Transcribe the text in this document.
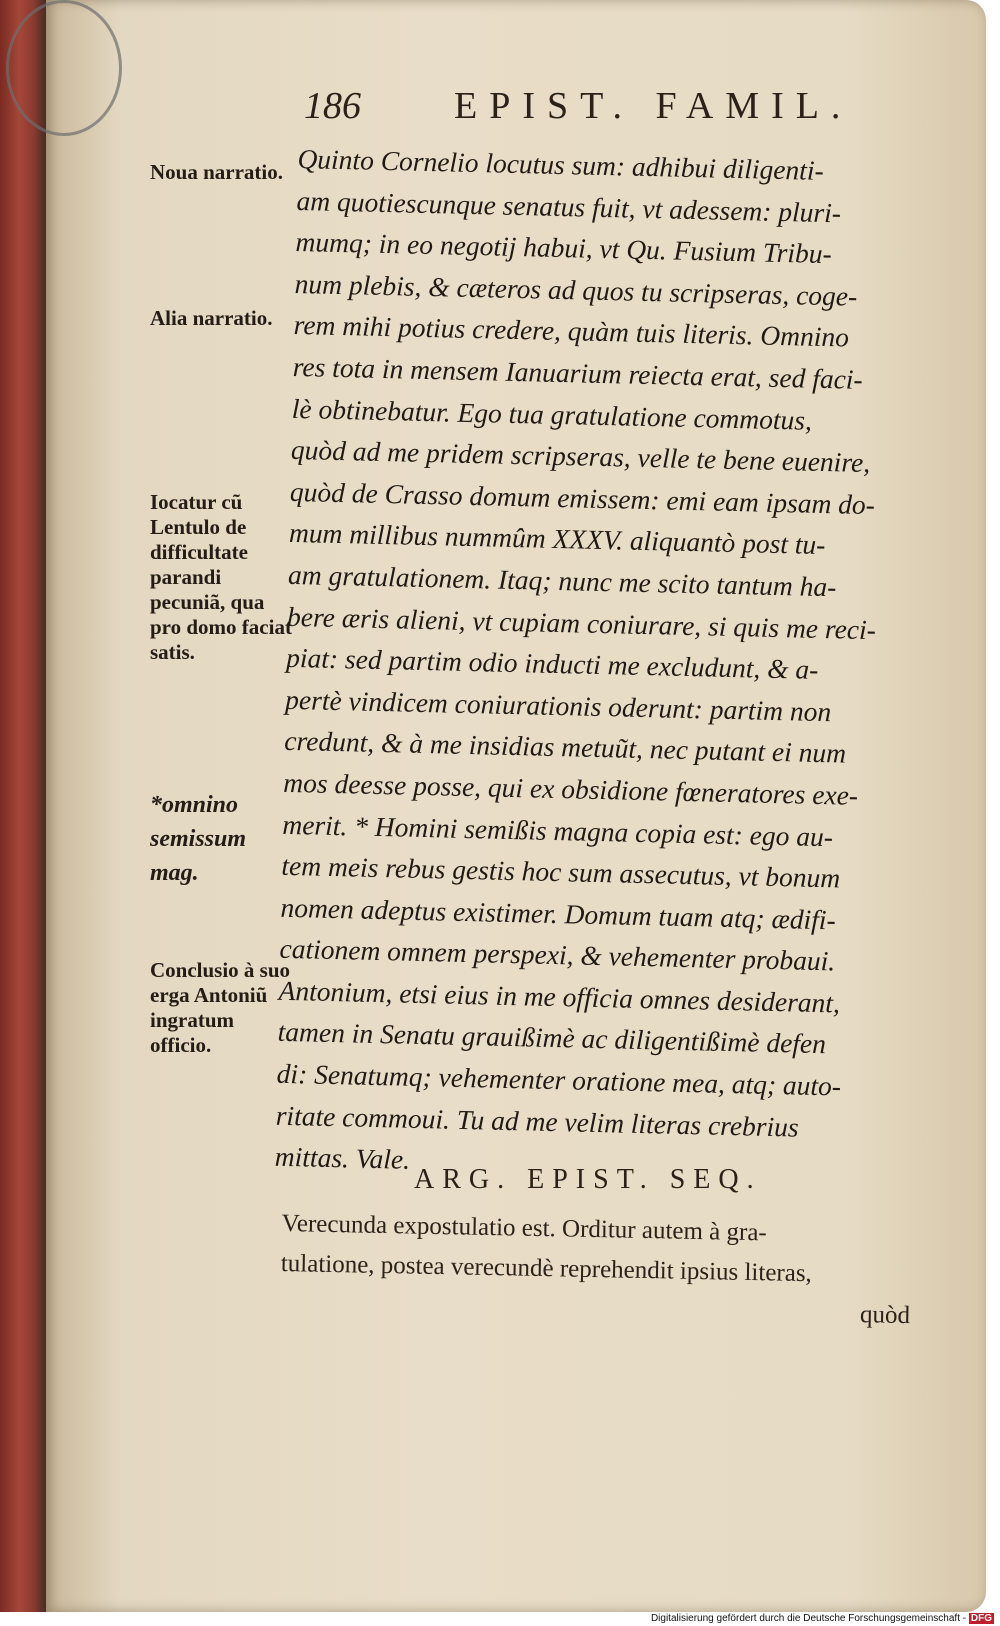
186 EPIST. FAMIL.
Noua narratio.
Alia narratio.
Iocatur cũ Lentulo de difficultate parandi pecuniã, qua pro domo faciat satis.
*omnino semissum mag.
Conclusio à suo erga Antoniũ ingratum officio.
Quinto Cornelio locutus sum: adhibui diligenti-
am quotiescunque senatus fuit, vt adessem: pluri-
mumq; in eo negotij habui, vt Qu. Fusium Tribu-
num plebis, & cæteros ad quos tu scripseras, coge-
rem mihi potius credere, quàm tuis literis. Omnino
res tota in mensem Ianuarium reiecta erat, sed faci-
lè obtinebatur. Ego tua gratulatione commotus,
quòd ad me pridem scripseras, velle te bene euenire,
quòd de Crasso domum emissem: emi eam ipsam do-
mum millibus nummûm XXXV. aliquantò post tu-
am gratulationem. Itaq; nunc me scito tantum ha-
bere æris alieni, vt cupiam coniurare, si quis me reci-
piat: sed partim odio inducti me excludunt, & a-
pertè vindicem coniurationis oderunt: partim non
credunt, & à me insidias metuũt, nec putant ei num
mos deesse posse, qui ex obsidione fœneratores exe-
merit. * Homini semißis magna copia est: ego au-
tem meis rebus gestis hoc sum assecutus, vt bonum
nomen adeptus existimer. Domum tuam atq; ædifi-
cationem omnem perspexi, & vehementer probaui.
Antonium, etsi eius in me officia omnes desiderant,
tamen in Senatu grauißimè ac diligentißimè defen
di: Senatumq; vehementer oratione mea, atq; auto-
ritate commoui. Tu ad me velim literas crebrius
mittas. Vale.
ARG. EPIST. SEQ.
Verecunda expostulatio est. Orditur autem à gra-
tulatione, postea verecundè reprehendit ipsius literas,
quòd
Digitalisierung gefördert durch die Deutsche Forschungsgemeinschaft - DFG
